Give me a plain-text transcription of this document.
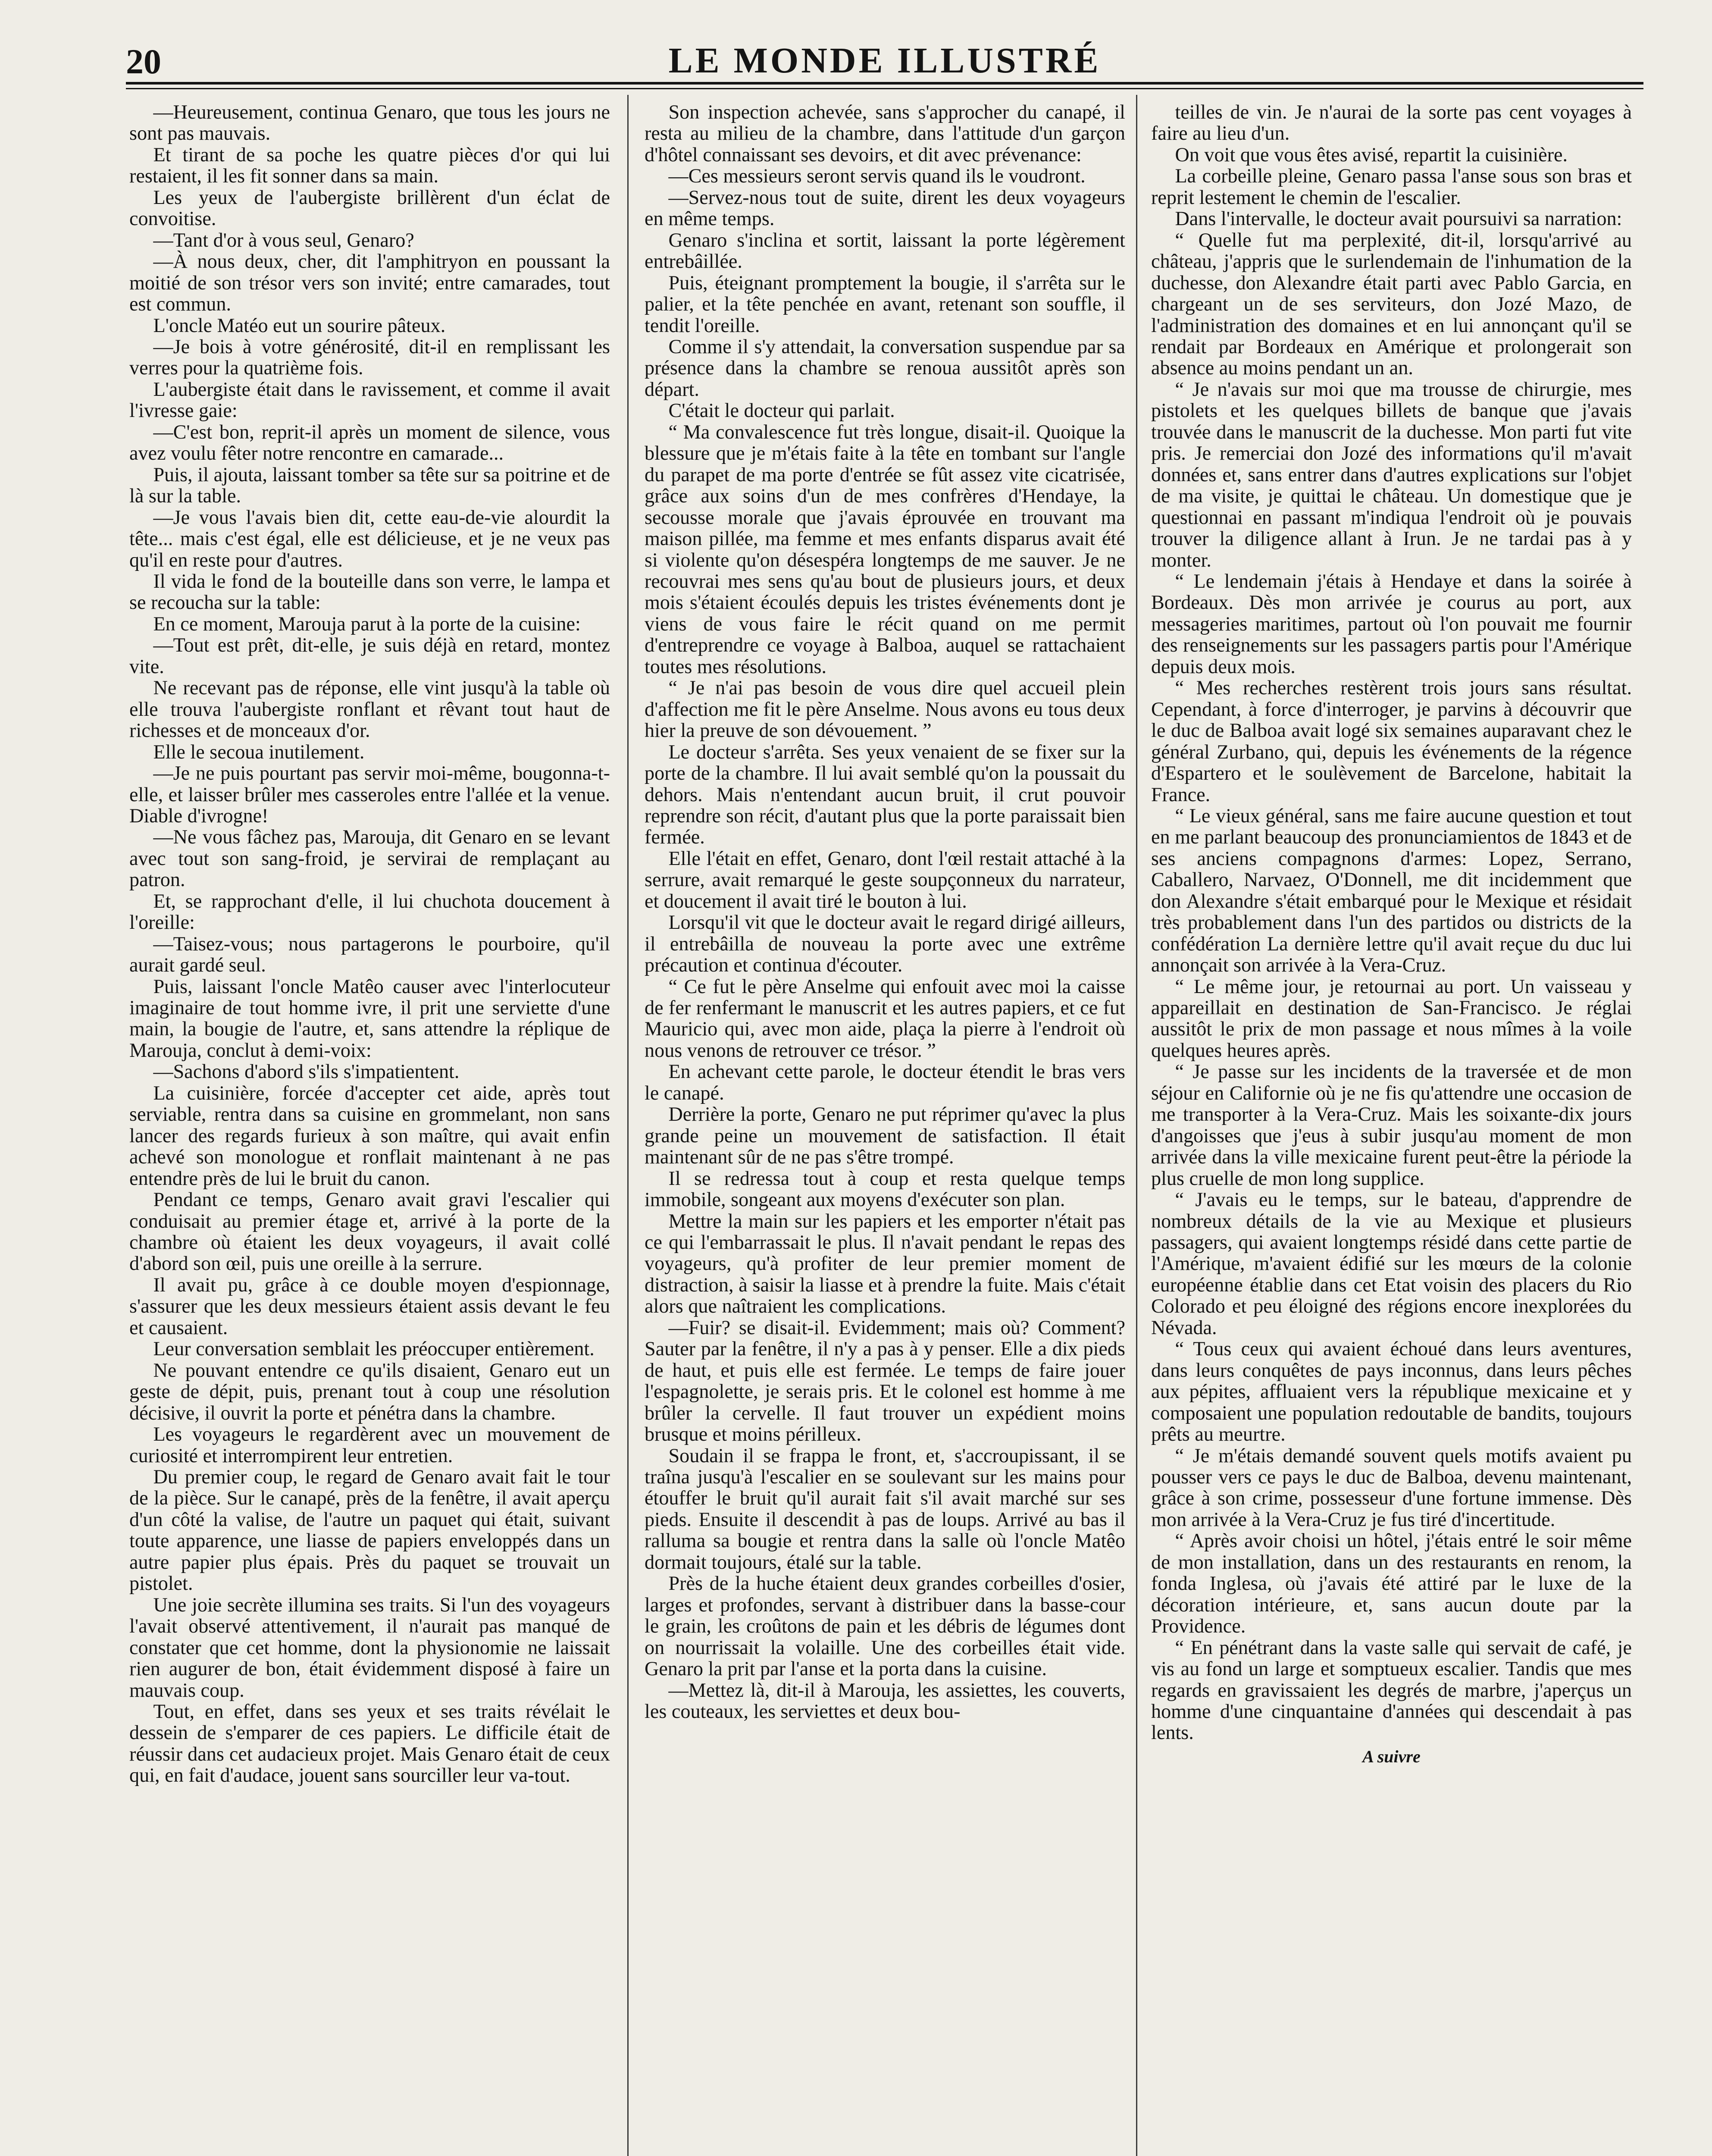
20	LE MONDE ILLUSTRÉ

—Heureusement, continua Genaro, que tous les jours ne sont pas mauvais.

Et tirant de sa poche les quatre pièces d'or qui lui restaient, il les fit sonner dans sa main.

Les yeux de l'aubergiste brillèrent d'un éclat de convoitise.

—Tant d'or à vous seul, Genaro?

—À nous deux, cher, dit l'amphitryon en poussant la moitié de son trésor vers son invité; entre camarades, tout est commun.

L'oncle Matéo eut un sourire pâteux.

—Je bois à votre générosité, dit-il en remplissant les verres pour la quatrième fois.

L'aubergiste était dans le ravissement, et comme il avait l'ivresse gaie:

—C'est bon, reprit-il après un moment de silence, vous avez voulu fêter notre rencontre en camarade...

Puis, il ajouta, laissant tomber sa tête sur sa poitrine et de là sur la table.

—Je vous l'avais bien dit, cette eau-de-vie alourdit la tête... mais c'est égal, elle est délicieuse, et je ne veux pas qu'il en reste pour d'autres.

Il vida le fond de la bouteille dans son verre, le lampa et se recoucha sur la table:

En ce moment, Marouja parut à la porte de la cuisine:

—Tout est prêt, dit-elle, je suis déjà en retard, montez vite.

Ne recevant pas de réponse, elle vint jusqu'à la table où elle trouva l'aubergiste ronflant et rêvant tout haut de richesses et de monceaux d'or.

Elle le secoua inutilement.

—Je ne puis pourtant pas servir moi-même, bougonna-t-elle, et laisser brûler mes casseroles entre l'allée et la venue. Diable d'ivrogne!

—Ne vous fâchez pas, Marouja, dit Genaro en se levant avec tout son sang-froid, je servirai de remplaçant au patron.

Et, se rapprochant d'elle, il lui chuchota doucement à l'oreille:

—Taisez-vous; nous partagerons le pourboire, qu'il aurait gardé seul.

Puis, laissant l'oncle Matêo causer avec l'interlocuteur imaginaire de tout homme ivre, il prit une serviette d'une main, la bougie de l'autre, et, sans attendre la réplique de Marouja, conclut à demi-voix:

—Sachons d'abord s'ils s'impatientent.

La cuisinière, forcée d'accepter cet aide, après tout serviable, rentra dans sa cuisine en grommelant, non sans lancer des regards furieux à son maître, qui avait enfin achevé son monologue et ronflait maintenant à ne pas entendre près de lui le bruit du canon.

Pendant ce temps, Genaro avait gravi l'escalier qui conduisait au premier étage et, arrivé à la porte de la chambre où étaient les deux voyageurs, il avait collé d'abord son œil, puis une oreille à la serrure.

Il avait pu, grâce à ce double moyen d'espionnage, s'assurer que les deux messieurs étaient assis devant le feu et causaient.

Leur conversation semblait les préoccuper entièrement.

Ne pouvant entendre ce qu'ils disaient, Genaro eut un geste de dépit, puis, prenant tout à coup une résolution décisive, il ouvrit la porte et pénétra dans la chambre.

Les voyageurs le regardèrent avec un mouvement de curiosité et interrompirent leur entretien.

Du premier coup, le regard de Genaro avait fait le tour de la pièce. Sur le canapé, près de la fenêtre, il avait aperçu d'un côté la valise, de l'autre un paquet qui était, suivant toute apparence, une liasse de papiers enveloppés dans un autre papier plus épais. Près du paquet se trouvait un pistolet.

Une joie secrète illumina ses traits. Si l'un des voyageurs l'avait observé attentivement, il n'aurait pas manqué de constater que cet homme, dont la physionomie ne laissait rien augurer de bon, était évidemment disposé à faire un mauvais coup.

Tout, en effet, dans ses yeux et ses traits révélait le dessein de s'emparer de ces papiers. Le difficile était de réussir dans cet audacieux projet. Mais Genaro était de ceux qui, en fait d'audace, jouent sans sourciller leur va-tout.

Son inspection achevée, sans s'approcher du canapé, il resta au milieu de la chambre, dans l'attitude d'un garçon d'hôtel connaissant ses devoirs, et dit avec prévenance:

—Ces messieurs seront servis quand ils le voudront.

—Servez-nous tout de suite, dirent les deux voyageurs en même temps.

Genaro s'inclina et sortit, laissant la porte légèrement entrebâillée.

Puis, éteignant promptement la bougie, il s'arrêta sur le palier, et la tête penchée en avant, retenant son souffle, il tendit l'oreille.

Comme il s'y attendait, la conversation suspendue par sa présence dans la chambre se renoua aussitôt après son départ.

C'était le docteur qui parlait.

“ Ma convalescence fut très longue, disait-il. Quoique la blessure que je m'étais faite à la tête en tombant sur l'angle du parapet de ma porte d'entrée se fût assez vite cicatrisée, grâce aux soins d'un de mes confrères d'Hendaye, la secousse morale que j'avais éprouvée en trouvant ma maison pillée, ma femme et mes enfants disparus avait été si violente qu'on désespéra longtemps de me sauver. Je ne recouvrai mes sens qu'au bout de plusieurs jours, et deux mois s'étaient écoulés depuis les tristes événements dont je viens de vous faire le récit quand on me permit d'entreprendre ce voyage à Balboa, auquel se rattachaient toutes mes résolutions.

“ Je n'ai pas besoin de vous dire quel accueil plein d'affection me fit le père Anselme. Nous avons eu tous deux hier la preuve de son dévouement. ”

Le docteur s'arrêta. Ses yeux venaient de se fixer sur la porte de la chambre. Il lui avait semblé qu'on la poussait du dehors. Mais n'entendant aucun bruit, il crut pouvoir reprendre son récit, d'autant plus que la porte paraissait bien fermée.

Elle l'était en effet, Genaro, dont l'œil restait attaché à la serrure, avait remarqué le geste soupçonneux du narrateur, et doucement il avait tiré le bouton à lui.

Lorsqu'il vit que le docteur avait le regard dirigé ailleurs, il entrebâilla de nouveau la porte avec une extrême précaution et continua d'écouter.

“ Ce fut le père Anselme qui enfouit avec moi la caisse de fer renfermant le manuscrit et les autres papiers, et ce fut Mauricio qui, avec mon aide, plaça la pierre à l'endroit où nous venons de retrouver ce trésor. ”

En achevant cette parole, le docteur étendit le bras vers le canapé.

Derrière la porte, Genaro ne put réprimer qu'avec la plus grande peine un mouvement de satisfaction. Il était maintenant sûr de ne pas s'être trompé.

Il se redressa tout à coup et resta quelque temps immobile, songeant aux moyens d'exécuter son plan.

Mettre la main sur les papiers et les emporter n'était pas ce qui l'embarrassait le plus. Il n'avait pendant le repas des voyageurs, qu'à profiter de leur premier moment de distraction, à saisir la liasse et à prendre la fuite. Mais c'était alors que naîtraient les complications.

—Fuir? se disait-il. Evidemment; mais où? Comment? Sauter par la fenêtre, il n'y a pas à y penser. Elle a dix pieds de haut, et puis elle est fermée. Le temps de faire jouer l'espagnolette, je serais pris. Et le colonel est homme à me brûler la cervelle. Il faut trouver un expédient moins brusque et moins périlleux.

Soudain il se frappa le front, et, s'accroupissant, il se traîna jusqu'à l'escalier en se soulevant sur les mains pour étouffer le bruit qu'il aurait fait s'il avait marché sur ses pieds. Ensuite il descendit à pas de loups. Arrivé au bas il ralluma sa bougie et rentra dans la salle où l'oncle Matêo dormait toujours, étalé sur la table.

Près de la huche étaient deux grandes corbeilles d'osier, larges et profondes, servant à distribuer dans la basse-cour le grain, les croûtons de pain et les débris de légumes dont on nourrissait la volaille. Une des corbeilles était vide. Genaro la prit par l'anse et la porta dans la cuisine.

—Mettez là, dit-il à Marouja, les assiettes, les couverts, les couteaux, les serviettes et deux bou-

teilles de vin. Je n'aurai de la sorte pas cent voyages à faire au lieu d'un.

On voit que vous êtes avisé, repartit la cuisinière.

La corbeille pleine, Genaro passa l'anse sous son bras et reprit lestement le chemin de l'escalier.

Dans l'intervalle, le docteur avait poursuivi sa narration:

“ Quelle fut ma perplexité, dit-il, lorsqu'arrivé au château, j'appris que le surlendemain de l'inhumation de la duchesse, don Alexandre était parti avec Pablo Garcia, en chargeant un de ses serviteurs, don Jozé Mazo, de l'administration des domaines et en lui annonçant qu'il se rendait par Bordeaux en Amérique et prolongerait son absence au moins pendant un an.

“ Je n'avais sur moi que ma trousse de chirurgie, mes pistolets et les quelques billets de banque que j'avais trouvée dans le manuscrit de la duchesse. Mon parti fut vite pris. Je remerciai don Jozé des informations qu'il m'avait données et, sans entrer dans d'autres explications sur l'objet de ma visite, je quittai le château. Un domestique que je questionnai en passant m'indiqua l'endroit où je pouvais trouver la diligence allant à Irun. Je ne tardai pas à y monter.

“ Le lendemain j'étais à Hendaye et dans la soirée à Bordeaux. Dès mon arrivée je courus au port, aux messageries maritimes, partout où l'on pouvait me fournir des renseignements sur les passagers partis pour l'Amérique depuis deux mois.

“ Mes recherches restèrent trois jours sans résultat. Cependant, à force d'interroger, je parvins à découvrir que le duc de Balboa avait logé six semaines auparavant chez le général Zurbano, qui, depuis les événements de la régence d'Espartero et le soulèvement de Barcelone, habitait la France.

“ Le vieux général, sans me faire aucune question et tout en me parlant beaucoup des pronunciamientos de 1843 et de ses anciens compagnons d'armes: Lopez, Serrano, Caballero, Narvaez, O'Donnell, me dit incidemment que don Alexandre s'était embarqué pour le Mexique et résidait très probablement dans l'un des partidos ou districts de la confédération La dernière lettre qu'il avait reçue du duc lui annonçait son arrivée à la Vera-Cruz.

“ Le même jour, je retournai au port. Un vaisseau y appareillait en destination de San-Francisco. Je réglai aussitôt le prix de mon passage et nous mîmes à la voile quelques heures après.

“ Je passe sur les incidents de la traversée et de mon séjour en Californie où je ne fis qu'attendre une occasion de me transporter à la Vera-Cruz. Mais les soixante-dix jours d'angoisses que j'eus à subir jusqu'au moment de mon arrivée dans la ville mexicaine furent peut-être la période la plus cruelle de mon long supplice.

“ J'avais eu le temps, sur le bateau, d'apprendre de nombreux détails de la vie au Mexique et plusieurs passagers, qui avaient longtemps résidé dans cette partie de l'Amérique, m'avaient édifié sur les mœurs de la colonie européenne établie dans cet Etat voisin des placers du Rio Colorado et peu éloigné des régions encore inexplorées du Névada.

“ Tous ceux qui avaient échoué dans leurs aventures, dans leurs conquêtes de pays inconnus, dans leurs pêches aux pépites, affluaient vers la république mexicaine et y composaient une population redoutable de bandits, toujours prêts au meurtre.

“ Je m'étais demandé souvent quels motifs avaient pu pousser vers ce pays le duc de Balboa, devenu maintenant, grâce à son crime, possesseur d'une fortune immense. Dès mon arrivée à la Vera-Cruz je fus tiré d'incertitude.

“ Après avoir choisi un hôtel, j'étais entré le soir même de mon installation, dans un des restaurants en renom, la fonda Inglesa, où j'avais été attiré par le luxe de la décoration intérieure, et, sans aucun doute par la Providence.

“ En pénétrant dans la vaste salle qui servait de café, je vis au fond un large et somptueux escalier. Tandis que mes regards en gravissaient les degrés de marbre, j'aperçus un homme d'une cinquantaine d'années qui descendait à pas lents.

A suivre
